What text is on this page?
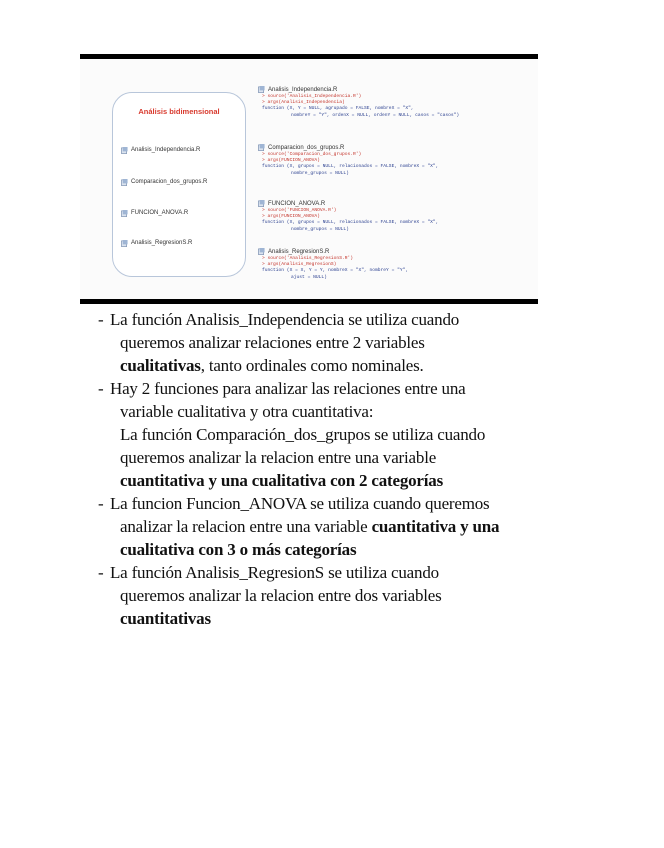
Análisis bidimensional
Analisis_Independencia.R
Comparacion_dos_grupos.R
FUNCION_ANOVA.R
Analisis_RegresionS.R
Analisis_Independencia.R
> source('Analisis_Independencia.R')
> args(Analisis_Independencia)
function (X, Y = NULL, agrupado = FALSE, nombreX = "X",
nombreY = "Y", ordenX = NULL, ordenY = NULL, casos = "casos")
Comparacion_dos_grupos.R
> source('Comparacion_dos_grupos.R')
> args(FUNCION_ANOVA)
function (X, grupos = NULL, relacionados = FALSE, nombreX = "X",
nombre_grupos = NULL)
FUNCION_ANOVA.R
> source('FUNCION_ANOVA.R')
> args(FUNCION_ANOVA)
function (X, grupos = NULL, relacionados = FALSE, nombreX = "X",
nombre_grupos = NULL)
Analisis_RegresionS.R
> source('Analisis_RegresionS.R')
> args(Analisis_RegresionS)
function (X = X, Y = Y, nombreX = "X", nombreY = "Y",
ajust = NULL)
- La función Analisis_Independencia se utiliza cuando
queremos analizar relaciones entre 2 variables
cualitativas, tanto ordinales como nominales.
- Hay 2 funciones para analizar las relaciones entre una
variable cualitativa y otra cuantitativa:
La función Comparación_dos_grupos se utiliza cuando
queremos analizar la relacion entre una variable
cuantitativa y una cualitativa con 2 categorías
- La funcion Funcion_ANOVA se utiliza cuando queremos
analizar la relacion entre una variable cuantitativa y una
cualitativa con 3 o más categorías
- La función Analisis_RegresionS se utiliza cuando
queremos analizar la relacion entre dos variables
cuantitativas
